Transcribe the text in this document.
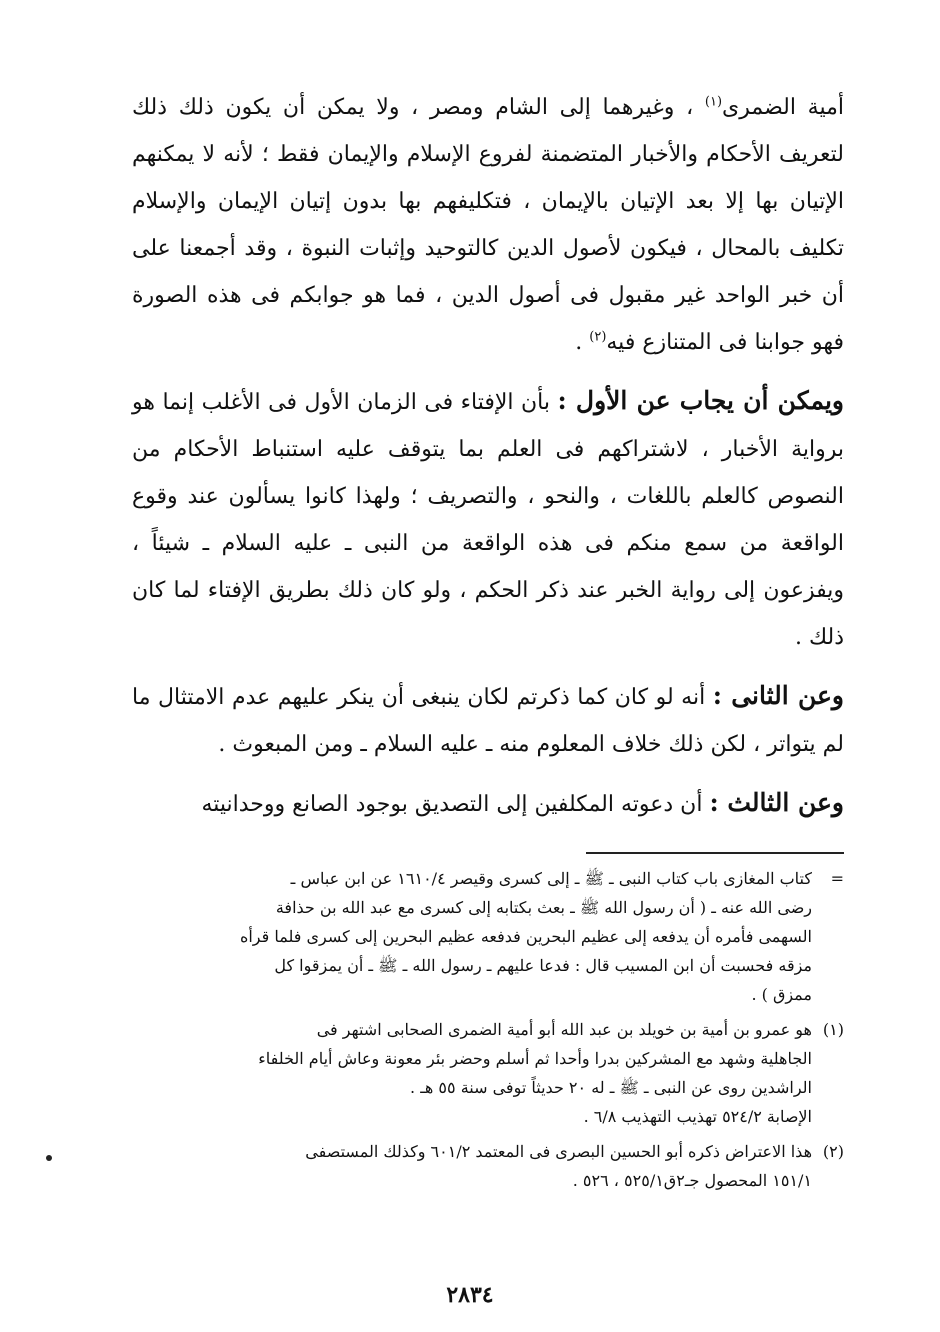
أمية الضمرى$^{(١)}$ ، وغيرهما إلى الشام ومصر ، ولا يمكن أن يكون ذلك ذلك لتعريف الأحكام والأخبار المتضمنة لفروع الإسلام والإيمان فقط ؛ لأنه لا يمكنهم الإتيان بها إلا بعد الإتيان بالإيمان ، فتكليفهم بها بدون إتيان الإيمان والإسلام تكليف بالمحال ، فيكون لأصول الدين كالتوحيد وإثبات النبوة ، وقد أجمعنا على أن خبر الواحد غير مقبول فى أصول الدين ، فما هو جوابكم فى هذه الصورة فهو جوابنا فى المتنازع فيه$^{(٢)}$ .

ويمكن أن يجاب عن الأول : بأن الإفتاء فى الزمان الأول فى الأغلب إنما هو برواية الأخبار ، لاشتراكهم فى العلم بما يتوقف عليه استنباط الأحكام من النصوص كالعلم باللغات ، والنحو ، والتصريف ؛ ولهذا كانوا يسألون عند وقوع الواقعة من سمع منكم فى هذه الواقعة من النبى ـ عليه السلام ـ شيئاً ، ويفزعون إلى رواية الخبر عند ذكر الحكم ، ولو كان ذلك بطريق الإفتاء لما كان ذلك .

وعن الثانى : أنه لو كان كما ذكرتم لكان ينبغى أن ينكر عليهم عدم الامتثال ما لم يتواتر ، لكن ذلك خلاف المعلوم منه ـ عليه السلام ـ ومن المبعوث .

وعن الثالث : أن دعوته المكلفين إلى التصديق بوجود الصانع ووحدانيته

=
كتاب المغازى باب كتاب النبى ـ ﷺ ـ إلى كسرى وقيصر ١٦١٠/٤ عن ابن عباس ـ
رضى الله عنه ـ ( أن رسول الله ﷺ ـ بعث بكتابه إلى كسرى مع عبد الله بن حذافة
السهمى فأمره أن يدفعه إلى عظيم البحرين فدفعه عظيم البحرين إلى كسرى فلما قرأه
مزقه فحسبت أن ابن المسيب قال : فدعا عليهم ـ رسول الله ـ ﷺ ـ أن يمزقوا كل
ممزق ) .
(١)
هو عمرو بن أمية بن خويلد بن عبد الله أبو أمية الضمرى الصحابى اشتهر فى
الجاهلية وشهد مع المشركين بدرا وأحدا ثم أسلم وحضر بئر معونة وعاش أيام الخلفاء
الراشدين روى عن النبى ـ ﷺ ـ له ٢٠ حديثاً توفى سنة ٥٥ هـ .
الإصابة ٥٢٤/٢ تهذيب التهذيب ٦/٨ .
(٢)
هذا الاعتراض ذكره أبو الحسين البصرى فى المعتمد ٦٠١/٢ وكذلك المستصفى
١٥١/١ المحصول جـ٢ق٥٢٥/١ ، ٥٢٦ .
٢٨٣٤
